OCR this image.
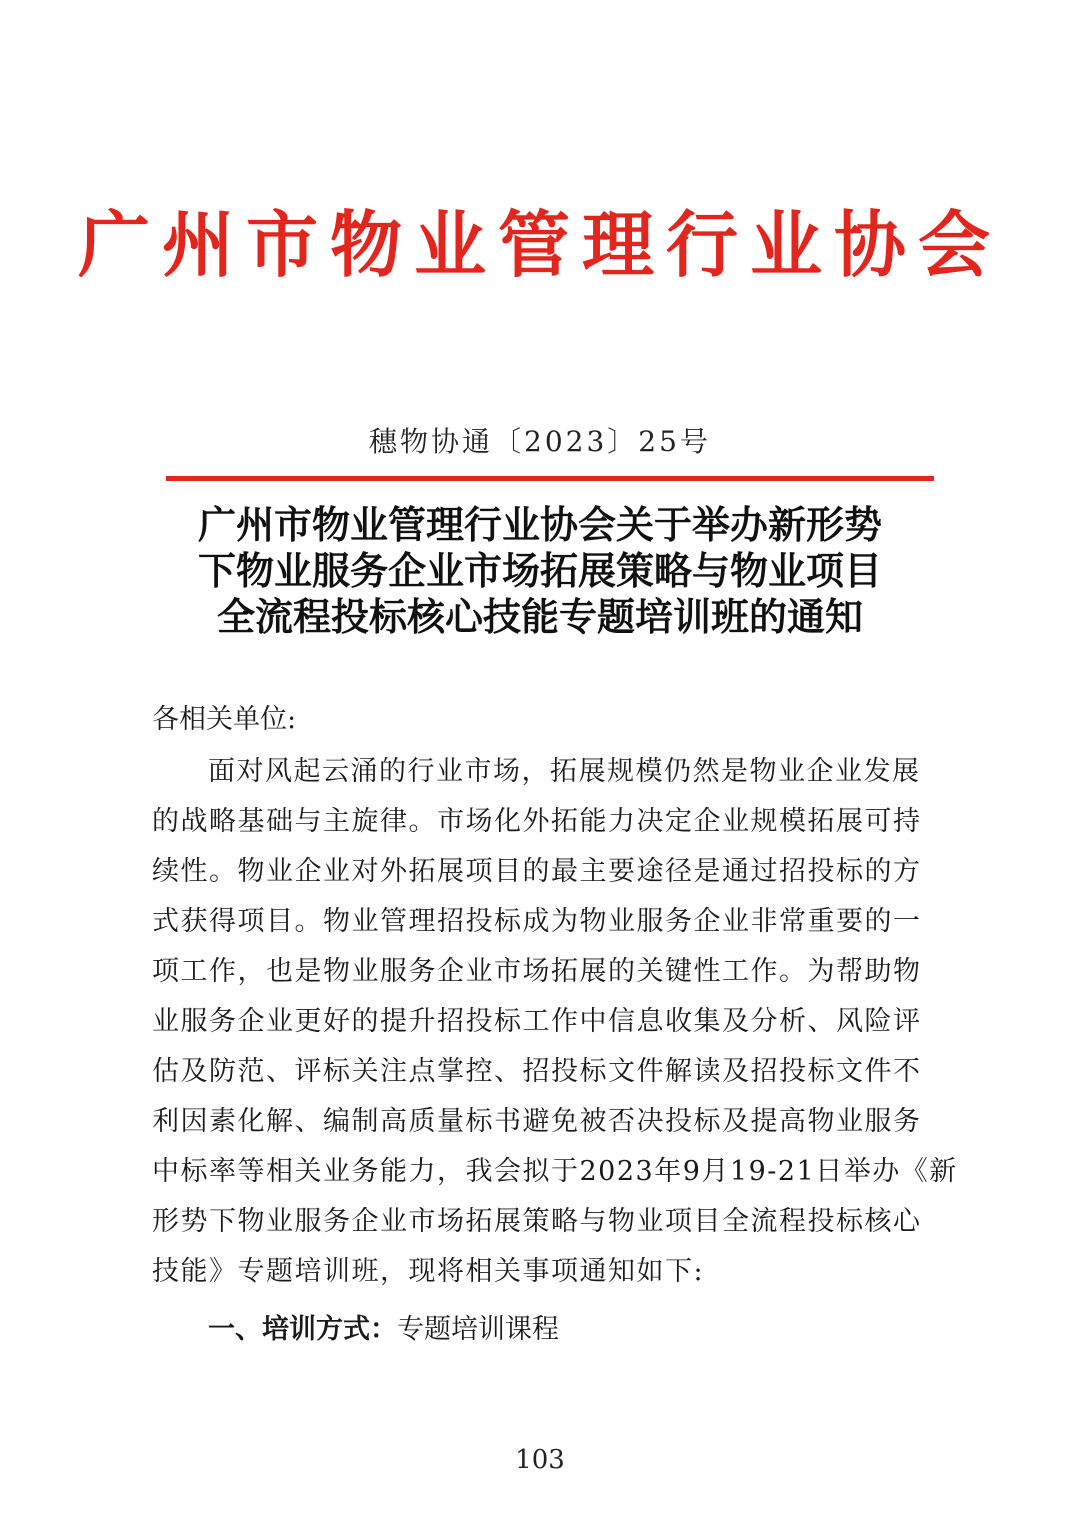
广州市物业管理行业协会
穗物协通〔2023〕25号
广州市物业管理行业协会关于举办新形势
下物业服务企业市场拓展策略与物业项目
全流程投标核心技能专题培训班的通知
各相关单位:
面对风起云涌的行业市场，拓展规模仍然是物业企业发展
的战略基础与主旋律。市场化外拓能力决定企业规模拓展可持
续性。物业企业对外拓展项目的最主要途径是通过招投标的方
式获得项目。物业管理招投标成为物业服务企业非常重要的一
项工作，也是物业服务企业市场拓展的关键性工作。为帮助物
业服务企业更好的提升招投标工作中信息收集及分析、风险评
估及防范、评标关注点掌控、招投标文件解读及招投标文件不
利因素化解、编制高质量标书避免被否决投标及提高物业服务
中标率等相关业务能力，我会拟于2023年9月19-21日举办《新
形势下物业服务企业市场拓展策略与物业项目全流程投标核心
技能》专题培训班，现将相关事项通知如下:
一、培训方式：专题培训课程
103
